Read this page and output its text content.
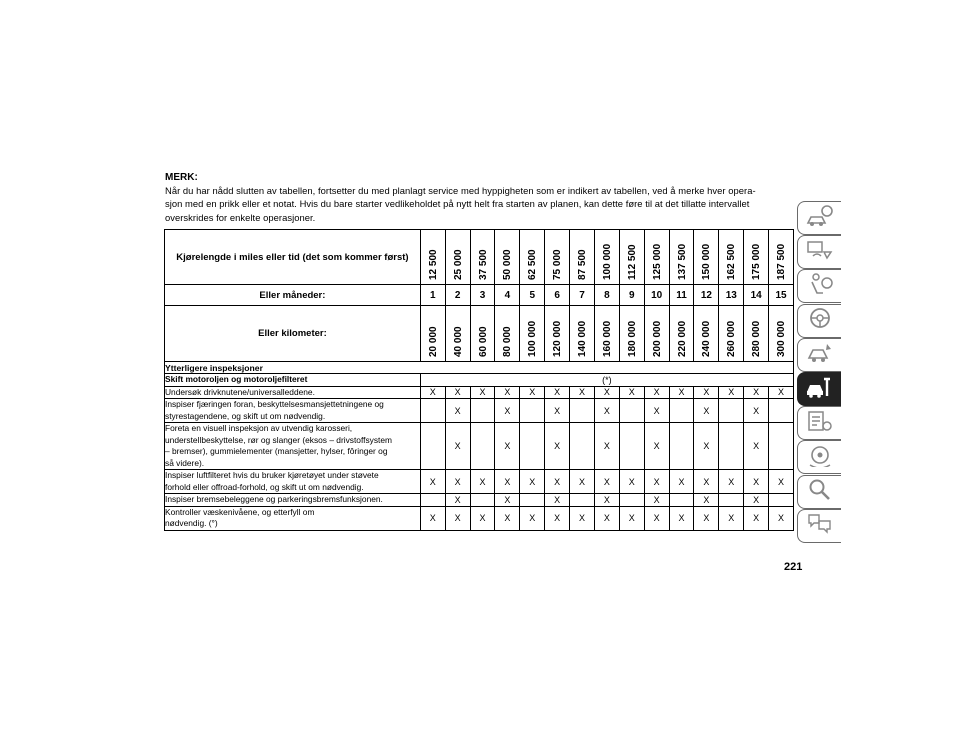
MERK:
Når du har nådd slutten av tabellen, fortsetter du med planlagt service med hyppigheten som er indikert av tabellen, ved å merke hver opera-
sjon med en prikk eller et notat. Hvis du bare starter vedlikeholdet på nytt helt fra starten av planen, kan dette føre til at det tillatte intervallet
overskrides for enkelte operasjoner.
Kjørelengde i miles eller tid (det som kommer først)	12 500	25 000	37 500	50 000	62 500	75 000	87 500	100 000	112 500	125 000	137 500	150 000	162 500	175 000	187 500

Eller måneder:	1	2	3	4	5	6	7	8	9	10	11	12	13	14	15
Eller kilometer:	20 000	40 000	60 000	80 000	100 000	120 000	140 000	160 000	180 000	200 000	220 000	240 000	260 000	280 000	300 000

Ytterligere inspeksjoner															
Skift motoroljen og motoroljefilteret	(*)														

Undersøk drivknutene/universalleddene.	X	X	X	X	X	X	X	X	X	X	X	X	X	X	X

Inspiser fjæringen foran, beskyttelsesmansjettetningene og
styrestagendene, og skift ut om nødvendig.		X		X		X		X		X		X		X	

Foreta en visuell inspeksjon av utvendig karosseri,
understellbeskyttelse, rør og slanger (eksos – drivstoffsystem
– bremser), gummielementer (mansjetter, hylser, fôringer og
så videre).		X		X		X		X		X		X		X	

Inspiser luftfilteret hvis du bruker kjøretøyet under støvete
forhold eller offroad-forhold, og skift ut om nødvendig.	X	X	X	X	X	X	X	X	X	X	X	X	X	X	X

Inspiser bremsebeleggene og parkeringsbremsfunksjonen.		X		X		X		X		X		X		X	

Kontroller væskenivåene, og etterfyll om
nødvendig. (°)	X	X	X	X	X	X	X	X	X	X	X	X	X	X	X
221
